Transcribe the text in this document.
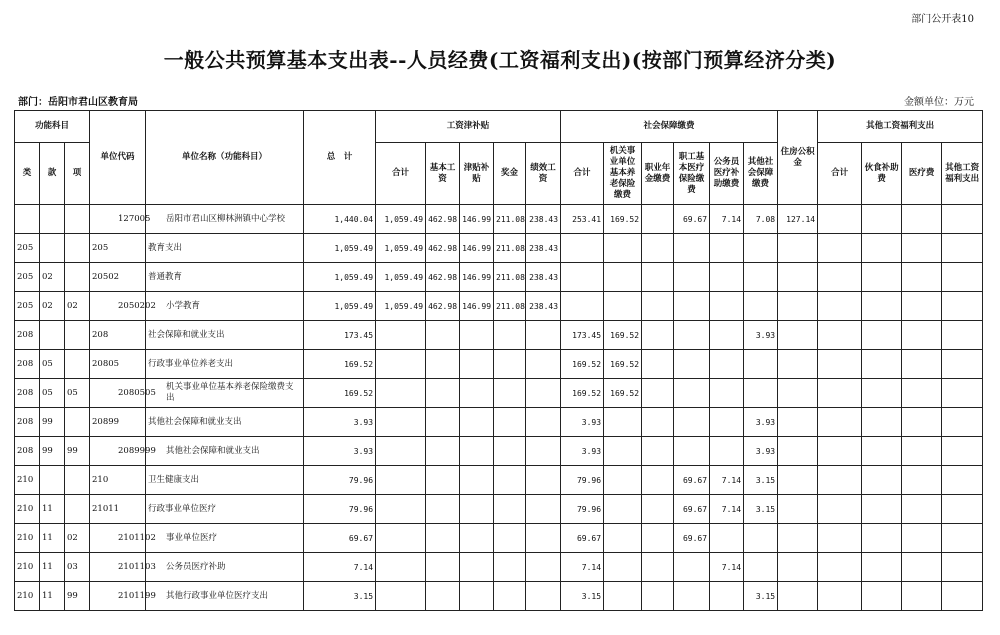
部门公开表10
一般公共预算基本支出表--人员经费(工资福利支出)(按部门预算经济分类)
部门：岳阳市君山区教育局	金额单位：万元
功能科目			单位代码	单位名称（功能科目）	总　计	工资津补贴					社会保障缴费						住房公积金	其他工资福利支出			
类	款	项				合计	基本工资	津贴补贴	奖金	绩效工资	合计	机关事业单位基本养老保险缴费	职业年金缴费	职工基本医疗保险缴费	公务员医疗补助缴费	其他社会保障缴费		合计	伙食补助费	医疗费	其他工资福利支出
			127005	岳阳市君山区柳林洲镇中心学校	1,440.04	1,059.49	462.98	146.99	211.08	238.43	253.41	169.52		69.67	7.14	7.08	127.14				
205			205	教育支出	1,059.49	1,059.49	462.98	146.99	211.08	238.43											
205	02		20502	普通教育	1,059.49	1,059.49	462.98	146.99	211.08	238.43											
205	02	02	2050202	小学教育	1,059.49	1,059.49	462.98	146.99	211.08	238.43											
208			208	社会保障和就业支出	173.45						173.45	169.52				3.93					
208	05		20805	行政事业单位养老支出	169.52						169.52	169.52									
208	05	05	2080505	机关事业单位基本养老保险缴费支出	169.52						169.52	169.52									
208	99		20899	其他社会保障和就业支出	3.93						3.93					3.93					
208	99	99	2089999	其他社会保障和就业支出	3.93						3.93					3.93					
210			210	卫生健康支出	79.96						79.96			69.67	7.14	3.15					
210	11		21011	行政事业单位医疗	79.96						79.96			69.67	7.14	3.15					
210	11	02	2101102	事业单位医疗	69.67						69.67			69.67							
210	11	03	2101103	公务员医疗补助	7.14						7.14				7.14						
210	11	99	2101199	其他行政事业单位医疗支出	3.15						3.15					3.15					
